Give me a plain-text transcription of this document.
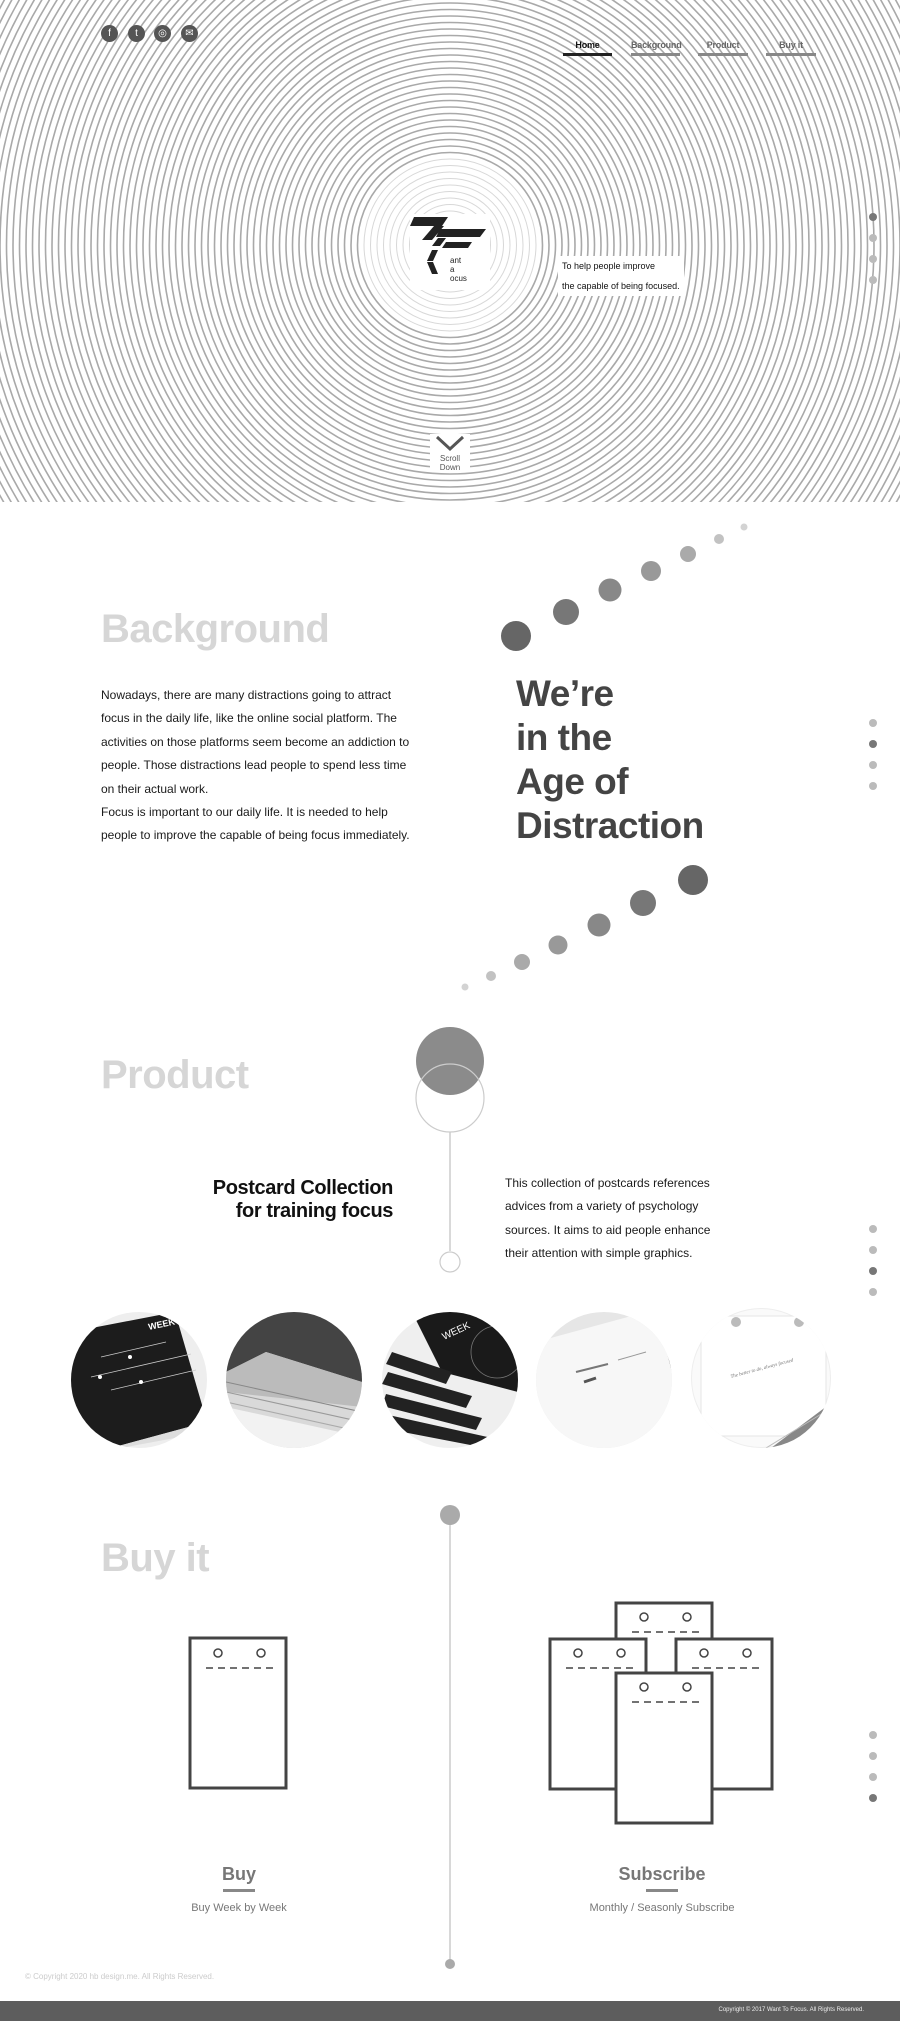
f	t	◎	✉
Home	Background	Product	Buy it
ant
a
ocus
To help people improve
the capable of being focused.
Scroll
Down
Background
Nowadays, there are many distractions going to attract
focus in the daily life, like the online social platform. The
activities on those platforms seem become an addiction to
people. Those distractions lead people to spend less time
on their actual work.
Focus is important to our daily life. It is needed to help
people to improve the capable of being focus immediately.
We’re
in the
Age of
Distraction
Product
Postcard Collection
for training focus
This collection of postcards references
advices from a variety of psychology
sources. It aims to aid people enhance
their attention with simple graphics.
WEEK	WEEK
The better to do, always focused
Buy it
Buy
Buy Week by Week
Subscribe
Monthly / Seasonly Subscribe
© Copyright 2020 hb design.me. All Rights Reserved.
Copyright © 2017 Want To Focus. All Rights Reserved.
